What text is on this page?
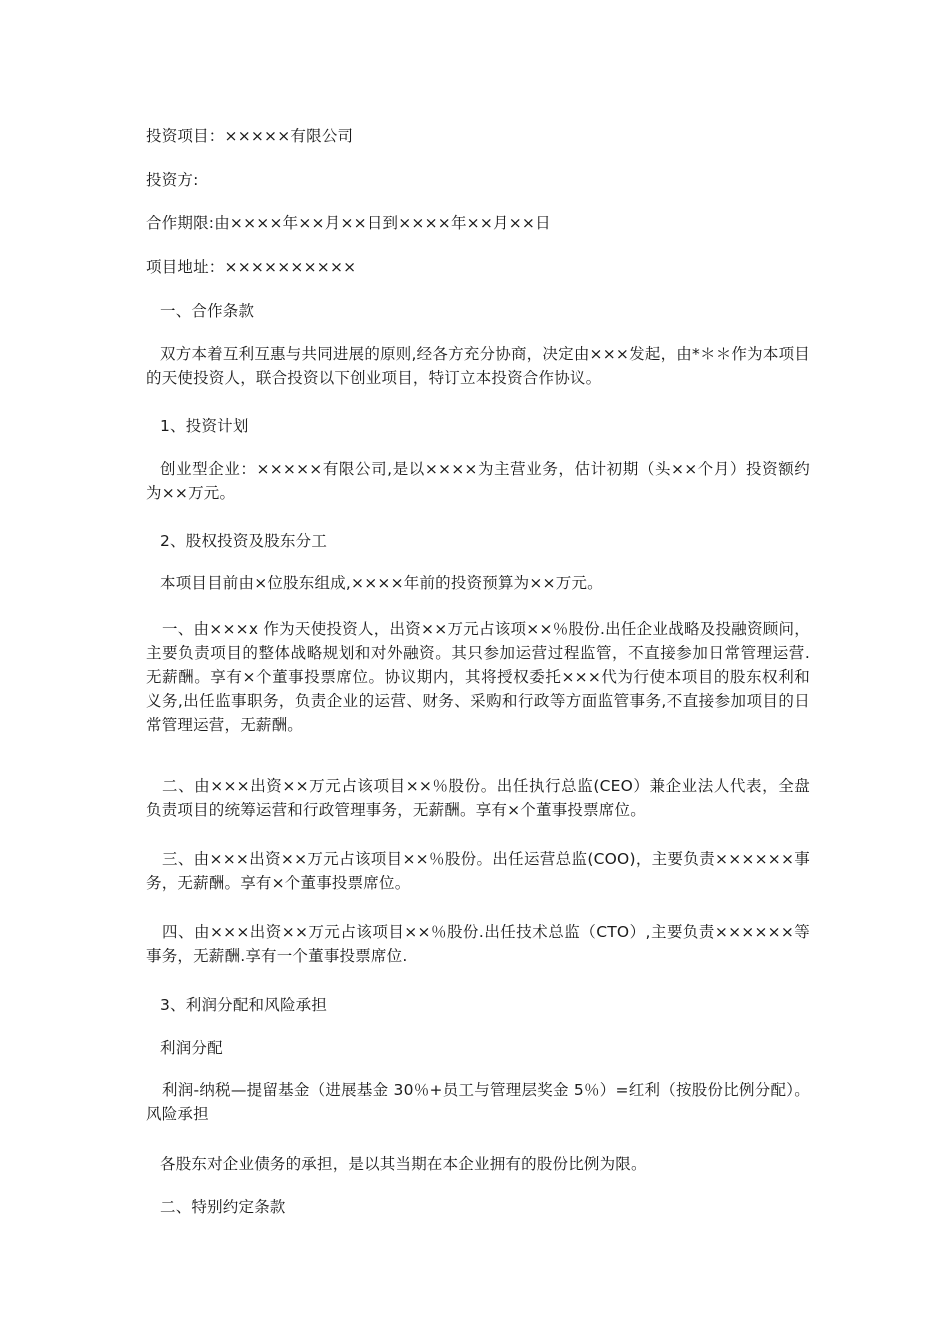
投资项目：×××××有限公司
投资方:
合作期限:由××××年××月××日到××××年××月××日
项目地址：××××××××××
一、合作条款
双方本着互利互惠与共同进展的原则,经各方充分协商，决定由×××发起，由*＊＊作为本项目的天使投资人，联合投资以下创业项目，特订立本投资合作协议。
1、投资计划
创业型企业：×××××有限公司,是以××××为主营业务，估计初期（头××个月）投资额约为××万元。
2、股权投资及股东分工
本项目目前由×位股东组成,××××年前的投资预算为××万元。
一、由×××x 作为天使投资人，出资××万元占该项××％股份.出任企业战略及投融资顾问，主要负责项目的整体战略规划和对外融资。其只参加运营过程监管，不直接参加日常管理运营.无薪酬。享有×个董事投票席位。协议期内，其将授权委托×××代为行使本项目的股东权利和义务,出任监事职务，负责企业的运营、财务、采购和行政等方面监管事务,不直接参加项目的日常管理运营，无薪酬。
二、由×××出资××万元占该项目××％股份。出任执行总监(CEO）兼企业法人代表，全盘负责项目的统筹运营和行政管理事务，无薪酬。享有×个董事投票席位。
三、由×××出资××万元占该项目××％股份。出任运营总监(COO)，主要负责××××××事务，无薪酬。享有×个董事投票席位。
四、由×××出资××万元占该项目××％股份.出任技术总监（CTO）,主要负责××××××等事务，无薪酬.享有一个董事投票席位.
3、利润分配和风险承担
利润分配
利润-纳税—提留基金（进展基金 30％+员工与管理层奖金 5％）=红利（按股份比例分配）。 风险承担
各股东对企业债务的承担，是以其当期在本企业拥有的股份比例为限。
二、特别约定条款
